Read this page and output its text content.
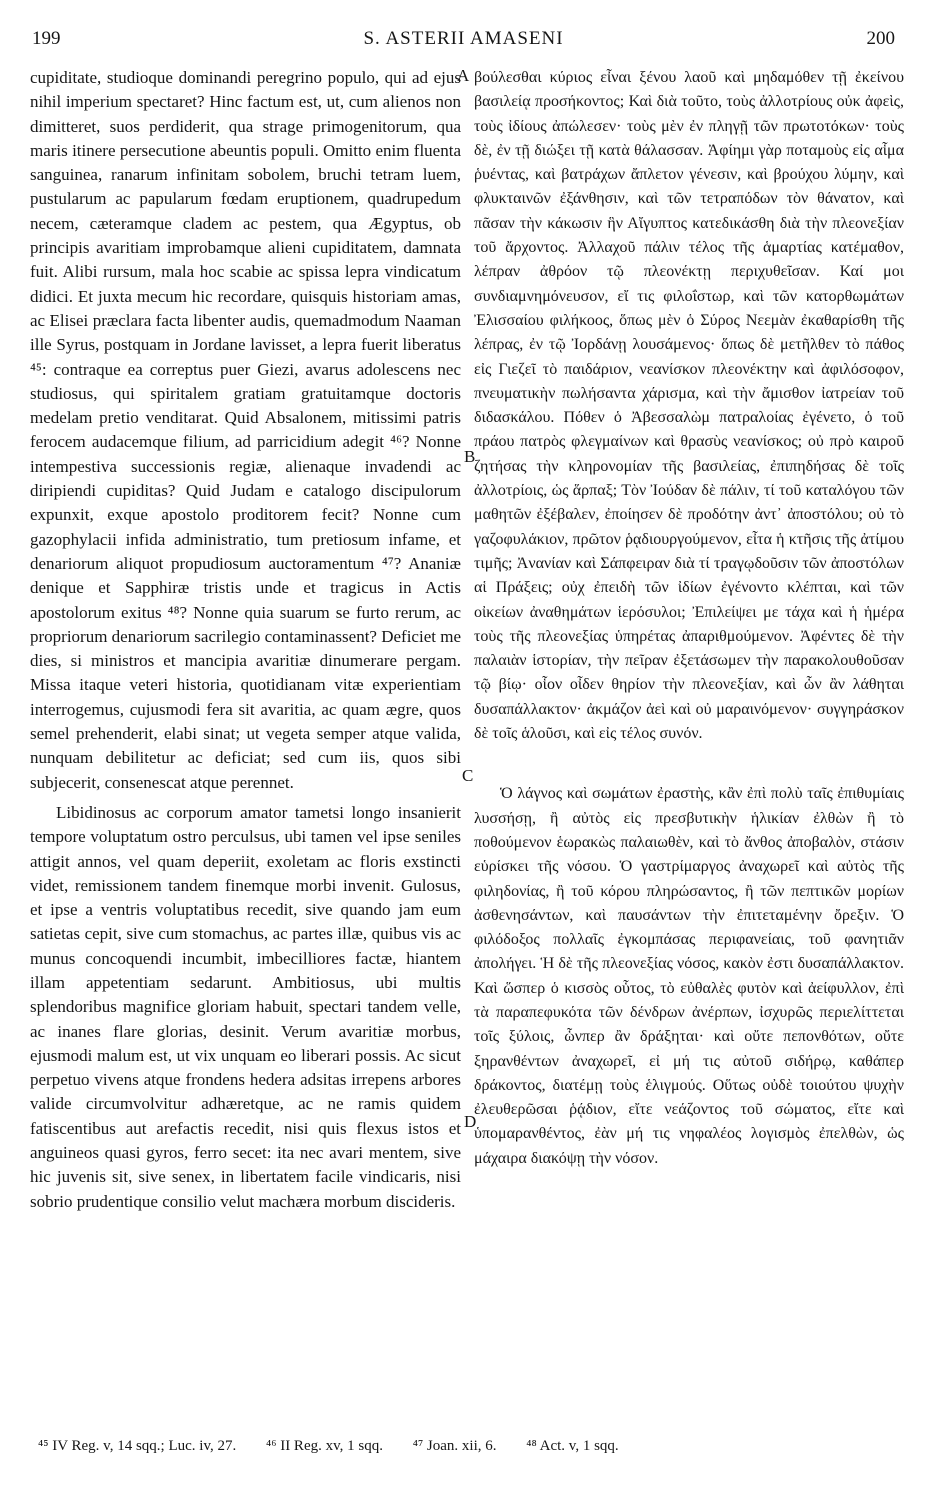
199	S. ASTERII AMASENI	200

cupiditate, studioque dominandi peregrino populo, qui ad ejus nihil imperium spectaret? Hinc factum est, ut, cum alienos non dimitteret, suos perdiderit, qua strage primogenitorum, qua maris itinere persecutione abeuntis populi. Omitto enim fluenta sanguinea, ranarum infinitam sobolem, bruchi tetram luem, pustularum ac papularum fœdam eruptionem, quadrupedum necem, cæteramque cladem ac pestem, qua Ægyptus, ob principis avaritiam improbamque alieni cupiditatem, damnata fuit. Alibi rursum, mala hoc scabie ac spissa lepra vindicatum didici. Et juxta mecum hic recordare, quisquis historiam amas, ac Elisei præclara facta libenter audis, quemadmodum Naaman ille Syrus, postquam in Jordane lavisset, a lepra fuerit liberatus ⁴⁵: contraque ea correptus puer Giezi, avarus adolescens nec studiosus, qui spiritalem gratiam gratuitamque doctoris medelam pretio venditarat. Quid Absalonem, mitissimi patris ferocem audacemque filium, ad parricidium adegit ⁴⁶? Nonne intempestiva successionis regiæ, alienaque invadendi ac diripiendi cupiditas? Quid Judam e catalogo discipulorum expunxit, exque apostolo proditorem fecit? Nonne cum gazophylacii infida administratio, tum pretiosum infame, et denariorum aliquot propudiosum auctoramentum ⁴⁷? Ananiæ denique et Sapphiræ tristis unde et tragicus in Actis apostolorum exitus ⁴⁸? Nonne quia suarum se furto rerum, ac propriorum denariorum sacrilegio contaminassent? Deficiet me dies, si ministros et mancipia avaritiæ dinumerare pergam. Missa itaque veteri historia, quotidianam vitæ experientiam interrogemus, cujusmodi fera sit avaritia, ac quam ægre, quos semel prehenderit, elabi sinat; ut vegeta semper atque valida, nunquam debilitetur ac deficiat; sed cum iis, quos sibi subjecerit, consenescat atque perennet.

Libidinosus ac corporum amator tametsi longo insanierit tempore voluptatum ostro perculsus, ubi tamen vel ipse seniles attigit annos, vel quam deperiit, exoletam ac floris exstincti videt, remissionem tandem finemque morbi invenit. Gulosus, et ipse a ventris voluptatibus recedit, sive quando jam eum satietas cepit, sive cum stomachus, ac partes illæ, quibus vis ac munus concoquendi incumbit, imbecilliores factæ, hiantem illam appetentiam sedarunt. Ambitiosus, ubi multis splendoribus magnifice gloriam habuit, spectari tandem velle, ac inanes flare glorias, desinit. Verum avaritiæ morbus, ejusmodi malum est, ut vix unquam eo liberari possis. Ac sicut perpetuo vivens atque frondens hedera adsitas irrepens arbores valide circumvolvitur adhæretque, ac ne ramis quidem fatiscentibus aut arefactis recedit, nisi quis flexus istos et anguineos quasi gyros, ferro secet: ita nec avari mentem, sive hic juvenis sit, sive senex, in libertatem facile vindicaris, nisi sobrio prudentique consilio velut machæra morbum discideris.

A
B
C
D

βούλεσθαι κύριος εἶναι ξένου λαοῦ καὶ μηδαμόθεν τῇ ἐκείνου βασιλείᾳ προσήκοντος; Καὶ διὰ τοῦτο, τοὺς ἀλλοτρίους οὐκ ἀφεὶς, τοὺς ἰδίους ἀπώλεσεν· τοὺς μὲν ἐν πληγῇ τῶν πρωτοτόκων· τοὺς δὲ, ἐν τῇ διώξει τῇ κατὰ θάλασσαν. Ἀφίημι γὰρ ποταμοὺς εἰς αἷμα ῥυέντας, καὶ βατράχων ἄπλετον γένεσιν, καὶ βρούχου λύμην, καὶ φλυκταινῶν ἐξάνθησιν, καὶ τῶν τετραπόδων τὸν θάνατον, καὶ πᾶσαν τὴν κάκωσιν ἣν Αἴγυπτος κατεδικάσθη διὰ τὴν πλεονεξίαν τοῦ ἄρχοντος. Ἀλλαχοῦ πάλιν τέλος τῆς ἁμαρτίας κατέμαθον, λέπραν ἀθρόον τῷ πλεονέκτῃ περιχυθεῖσαν. Καί μοι συνδιαμνημόνευσον, εἴ τις φιλοΐστωρ, καὶ τῶν κατορθωμάτων Ἐλισσαίου φιλήκοος, ὅπως μὲν ὁ Σύρος Νεεμὰν ἐκαθαρίσθη τῆς λέπρας, ἐν τῷ Ἰορδάνῃ λουσάμενος· ὅπως δὲ μετῆλθεν τὸ πάθος εἰς Γιεζεῖ τὸ παιδάριον, νεανίσκον πλεονέκτην καὶ ἀφιλόσοφον, πνευματικὴν πωλήσαντα χάρισμα, καὶ τὴν ἄμισθον ἰατρείαν τοῦ διδασκάλου. Πόθεν ὁ Ἀβεσσαλὼμ πατραλοίας ἐγένετο, ὁ τοῦ πράου πατρὸς φλεγμαίνων καὶ θρασὺς νεανίσκος; οὐ πρὸ καιροῦ ζητήσας τὴν κληρονομίαν τῆς βασιλείας, ἐπιπηδήσας δὲ τοῖς ἀλλοτρίοις, ὡς ἅρπαξ; Τὸν Ἰούδαν δὲ πάλιν, τί τοῦ καταλόγου τῶν μαθητῶν ἐξέβαλεν, ἐποίησεν δὲ προδότην ἀντ᾽ ἀποστόλου; οὐ τὸ γαζοφυλάκιον, πρῶτον ῥᾳδιουργούμενον, εἶτα ἡ κτῆσις τῆς ἀτίμου τιμῆς; Ἀνανίαν καὶ Σάπφειραν διὰ τί τραγῳδοῦσιν τῶν ἀποστόλων αἱ Πράξεις; οὐχ ἐπειδὴ τῶν ἰδίων ἐγένοντο κλέπται, καὶ τῶν οἰκείων ἀναθημάτων ἱερόσυλοι; Ἐπιλείψει με τάχα καὶ ἡ ἡμέρα τοὺς τῆς πλεονεξίας ὑπηρέτας ἀπαριθμούμενον. Ἀφέντες δὲ τὴν παλαιὰν ἱστορίαν, τὴν πεῖραν ἐξετάσωμεν τὴν παρακολουθοῦσαν τῷ βίῳ· οἷον οἶδεν θηρίον τὴν πλεονεξίαν, καὶ ὧν ἂν λάθηται δυσαπάλλακτον· ἀκμάζον ἀεὶ καὶ οὐ μαραινόμενον· συγγηράσκον δὲ τοῖς ἁλοῦσι, καὶ εἰς τέλος συνόν.

Ὁ λάγνος καὶ σωμάτων ἐραστὴς, κἂν ἐπὶ πολὺ ταῖς ἐπιθυμίαις λυσσήσῃ, ἢ αὐτὸς εἰς πρεσβυτικὴν ἡλικίαν ἐλθὼν ἢ τὸ ποθούμενον ἑωρακὼς παλαιωθὲν, καὶ τὸ ἄνθος ἀποβαλὸν, στάσιν εὑρίσκει τῆς νόσου. Ὁ γαστρίμαργος ἀναχωρεῖ καὶ αὐτὸς τῆς φιληδονίας, ἢ τοῦ κόρου πληρώσαντος, ἢ τῶν πεπτικῶν μορίων ἀσθενησάντων, καὶ παυσάντων τὴν ἐπιτεταμένην ὄρεξιν. Ὁ φιλόδοξος πολλαῖς ἐγκομπάσας περιφανείαις, τοῦ φανητιᾶν ἀπολήγει. Ἡ δὲ τῆς πλεονεξίας νόσος, κακὸν ἐστι δυσαπάλλακτον. Καὶ ὥσπερ ὁ κισσὸς οὗτος, τὸ εὐθαλὲς φυτὸν καὶ ἀείφυλλον, ἐπὶ τὰ παραπεφυκότα τῶν δένδρων ἀνέρπων, ἰσχυρῶς περιελίττεται τοῖς ξύλοις, ὧνπερ ἂν δράξηται· καὶ οὔτε πεπονθότων, οὔτε ξηρανθέντων ἀναχωρεῖ, εἰ μή τις αὐτοῦ σιδήρῳ, καθάπερ δράκοντος, διατέμῃ τοὺς ἑλιγμούς. Οὕτως οὐδὲ τοιούτου ψυχὴν ἐλευθερῶσαι ῥᾴδιον, εἴτε νεάζοντος τοῦ σώματος, εἴτε καὶ ὑπομαρανθέντος, ἐὰν μή τις νηφαλέος λογισμὸς ἐπελθὼν, ὡς μάχαιρα διακόψῃ τὴν νόσον.

⁴⁵ IV Reg. v, 14 sqq.; Luc. iv, 27. ⁴⁶ II Reg. xv, 1 sqq. ⁴⁷ Joan. xii, 6. ⁴⁸ Act. v, 1 sqq.
